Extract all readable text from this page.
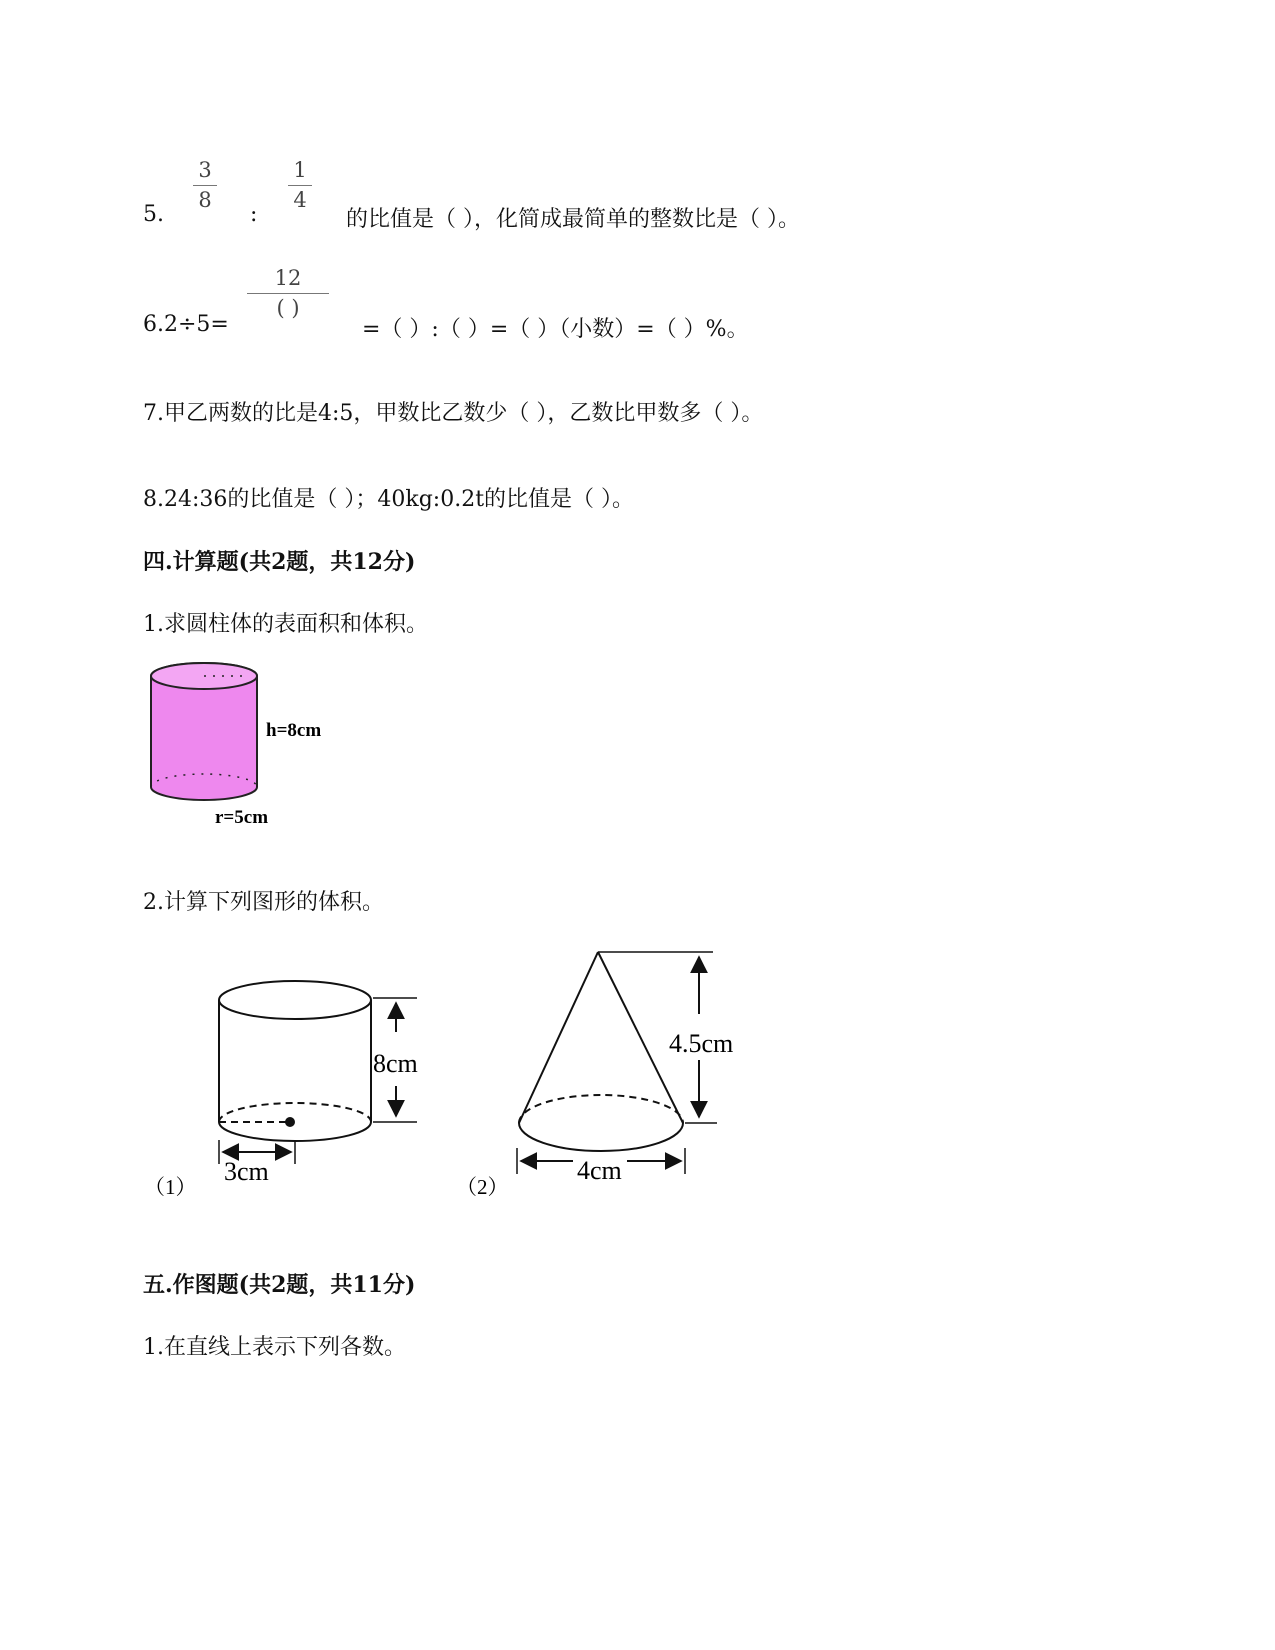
5.
3
8
:
1
4
的比值是（ ），化简成最简单的整数比是（ ）。
6.2÷5=
12
( )
=（ ）:（ ）=（ ）（小数）=（ ）%。
7.甲乙两数的比是4:5，甲数比乙数少（ ），乙数比甲数多（ ）。
8.24:36的比值是（ ）；40kg:0.2t的比值是（ ）。
四.计算题(共2题，共12分)
1.求圆柱体的表面积和体积。
h=8cm
r=5cm
2.计算下列图形的体积。
8cm
3cm
4.5cm
4cm
（1）	（2）
五.作图题(共2题，共11分)
1.在直线上表示下列各数。
